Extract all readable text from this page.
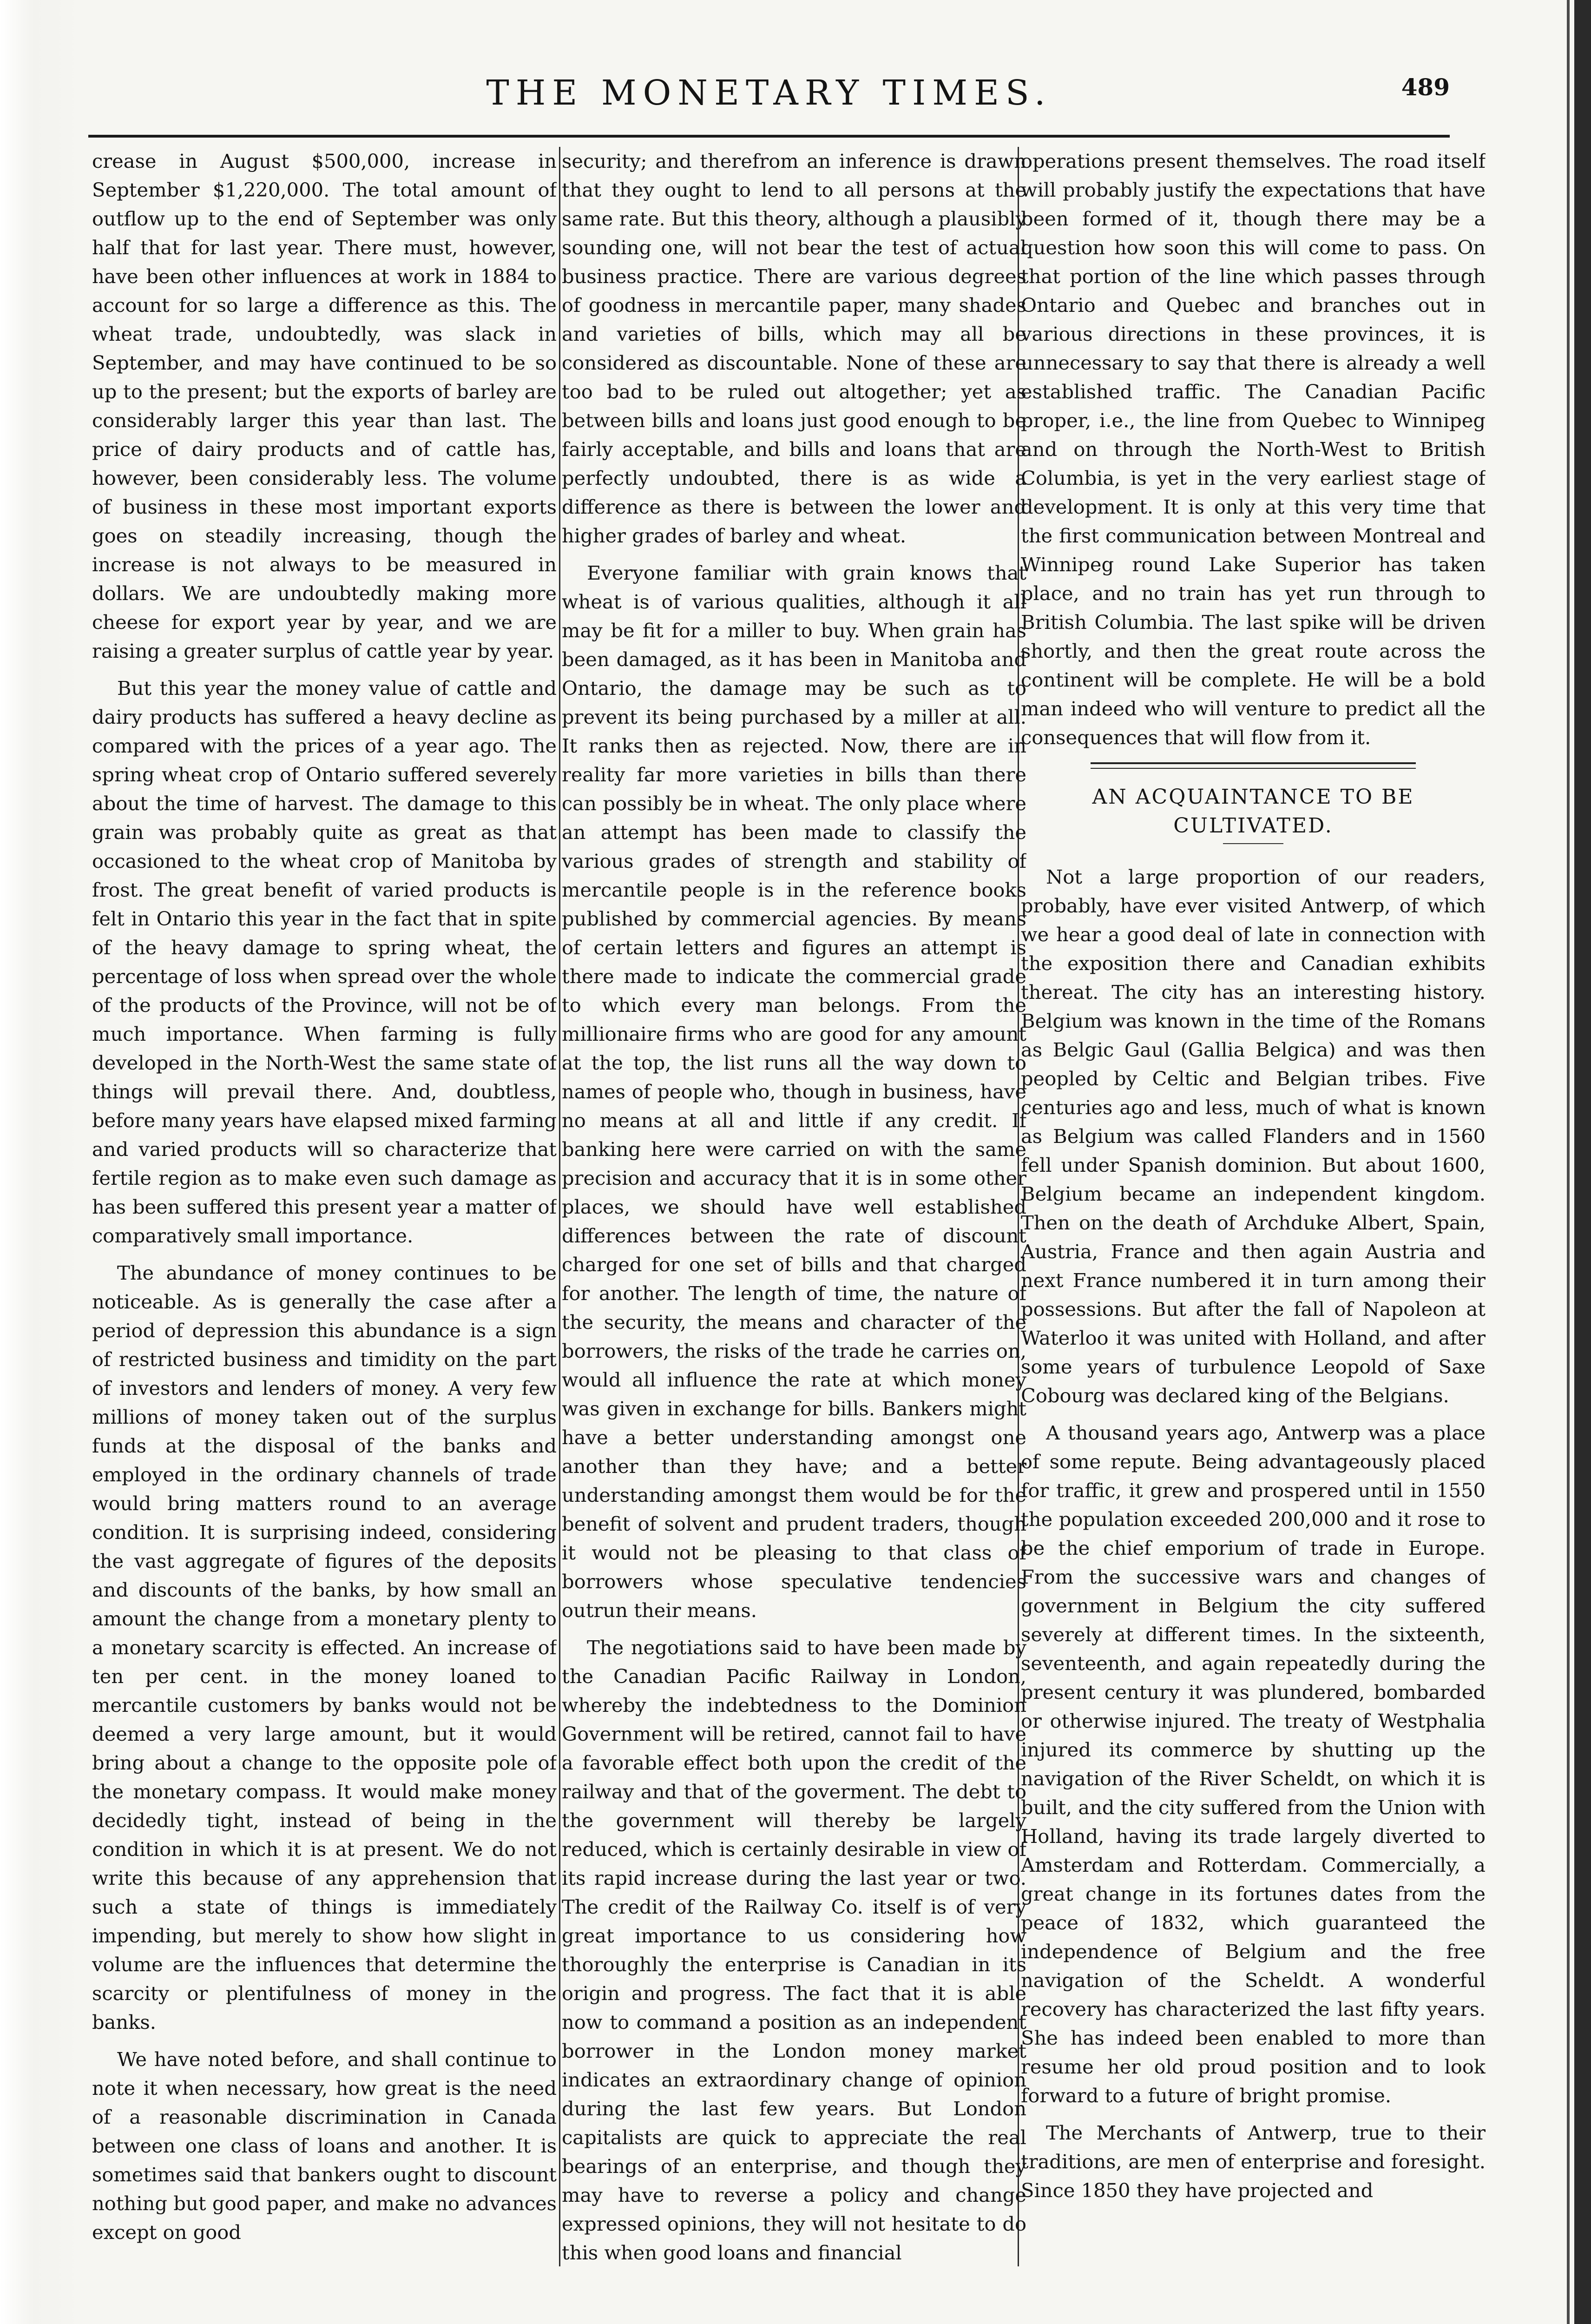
THE MONETARY TIMES.	489

crease in August $500,000, increase in September $1,220,000. The total amount of outflow up to the end of September was only half that for last year. There must, however, have been other influences at work in 1884 to account for so large a difference as this. The wheat trade, undoubtedly, was slack in September, and may have continued to be so up to the present; but the exports of barley are considerably larger this year than last. The price of dairy products and of cattle has, however, been considerably less. The volume of business in these most important exports goes on steadily increasing, though the increase is not always to be measured in dollars. We are undoubtedly making more cheese for export year by year, and we are raising a greater surplus of cattle year by year.

But this year the money value of cattle and dairy products has suffered a heavy decline as compared with the prices of a year ago. The spring wheat crop of Ontario suffered severely about the time of harvest. The damage to this grain was probably quite as great as that occasioned to the wheat crop of Manitoba by frost. The great benefit of varied products is felt in Ontario this year in the fact that in spite of the heavy damage to spring wheat, the percentage of loss when spread over the whole of the products of the Province, will not be of much importance. When farming is fully developed in the North-West the same state of things will prevail there. And, doubtless, before many years have elapsed mixed farming and varied products will so characterize that fertile region as to make even such damage as has been suffered this present year a matter of comparatively small importance.

The abundance of money continues to be noticeable. As is generally the case after a period of depression this abundance is a sign of restricted business and timidity on the part of investors and lenders of money. A very few millions of money taken out of the surplus funds at the disposal of the banks and employed in the ordinary channels of trade would bring matters round to an average condition. It is surprising indeed, considering the vast aggregate of figures of the deposits and discounts of the banks, by how small an amount the change from a monetary plenty to a monetary scarcity is effected. An increase of ten per cent. in the money loaned to mercantile customers by banks would not be deemed a very large amount, but it would bring about a change to the opposite pole of the monetary compass. It would make money decidedly tight, instead of being in the condition in which it is at present. We do not write this because of any apprehension that such a state of things is immediately impending, but merely to show how slight in volume are the influences that determine the scarcity or plentifulness of money in the banks.

We have noted before, and shall continue to note it when necessary, how great is the need of a reasonable discrimination in Canada between one class of loans and another. It is sometimes said that bankers ought to discount nothing but good paper, and make no advances except on good

security; and therefrom an inference is drawn that they ought to lend to all persons at the same rate. But this theory, although a plausibly sounding one, will not bear the test of actual business practice. There are various degrees of goodness in mercantile paper, many shades and varieties of bills, which may all be considered as discountable. None of these are too bad to be ruled out altogether; yet as between bills and loans just good enough to be fairly acceptable, and bills and loans that are perfectly undoubted, there is as wide a difference as there is between the lower and higher grades of barley and wheat.

Everyone familiar with grain knows that wheat is of various qualities, although it all may be fit for a miller to buy. When grain has been damaged, as it has been in Manitoba and Ontario, the damage may be such as to prevent its being purchased by a miller at all. It ranks then as rejected. Now, there are in reality far more varieties in bills than there can possibly be in wheat. The only place where an attempt has been made to classify the various grades of strength and stability of mercantile people is in the reference books published by commercial agencies. By means of certain letters and figures an attempt is there made to indicate the commercial grade to which every man belongs. From the millionaire firms who are good for any amount at the top, the list runs all the way down to names of people who, though in business, have no means at all and little if any credit. If banking here were carried on with the same precision and accuracy that it is in some other places, we should have well established differences between the rate of discount charged for one set of bills and that charged for another. The length of time, the nature of the security, the means and character of the borrowers, the risks of the trade he carries on, would all influence the rate at which money was given in exchange for bills. Bankers might have a better understanding amongst one another than they have; and a better understanding amongst them would be for the benefit of solvent and prudent traders, though it would not be pleasing to that class of borrowers whose speculative tendencies outrun their means.

The negotiations said to have been made by the Canadian Pacific Railway in London, whereby the indebtedness to the Dominion Government will be retired, cannot fail to have a favorable effect both upon the credit of the railway and that of the goverment. The debt to the government will thereby be largely reduced, which is certainly desirable in view of its rapid increase during the last year or two. The credit of the Railway Co. itself is of very great importance to us considering how thoroughly the enterprise is Canadian in its origin and progress. The fact that it is able now to command a position as an independent borrower in the London money market indicates an extraordinary change of opinion during the last few years. But London capitalists are quick to appreciate the real bearings of an enterprise, and though they may have to reverse a policy and change expressed opinions, they will not hesitate to do this when good loans and financial

operations present themselves. The road itself will probably justify the expectations that have been formed of it, though there may be a question how soon this will come to pass. On that portion of the line which passes through Ontario and Quebec and branches out in various directions in these provinces, it is unnecessary to say that there is already a well established traffic. The Canadian Pacific proper, i.e., the line from Quebec to Winnipeg and on through the North-West to British Columbia, is yet in the very earliest stage of development. It is only at this very time that the first communication between Montreal and Winnipeg round Lake Superior has taken place, and no train has yet run through to British Columbia. The last spike will be driven shortly, and then the great route across the continent will be complete. He will be a bold man indeed who will venture to predict all the consequences that will flow from it.

AN ACQUAINTANCE TO BE CULTIVATED.

Not a large proportion of our readers, probably, have ever visited Antwerp, of which we hear a good deal of late in connection with the exposition there and Canadian exhibits thereat. The city has an interesting history. Belgium was known in the time of the Romans as Belgic Gaul (Gallia Belgica) and was then peopled by Celtic and Belgian tribes. Five centuries ago and less, much of what is known as Belgium was called Flanders and in 1560 fell under Spanish dominion. But about 1600, Belgium became an independent kingdom. Then on the death of Archduke Albert, Spain, Austria, France and then again Austria and next France numbered it in turn among their possessions. But after the fall of Napoleon at Waterloo it was united with Holland, and after some years of turbulence Leopold of Saxe Cobourg was declared king of the Belgians.

A thousand years ago, Antwerp was a place of some repute. Being advantageously placed for traffic, it grew and prospered until in 1550 the population exceeded 200,000 and it rose to be the chief emporium of trade in Europe. From the successive wars and changes of government in Belgium the city suffered severely at different times. In the sixteenth, seventeenth, and again repeatedly during the present century it was plundered, bombarded or otherwise injured. The treaty of Westphalia injured its commerce by shutting up the navigation of the River Scheldt, on which it is built, and the city suffered from the Union with Holland, having its trade largely diverted to Amsterdam and Rotterdam. Commercially, a great change in its fortunes dates from the peace of 1832, which guaranteed the independence of Belgium and the free navigation of the Scheldt. A wonderful recovery has characterized the last fifty years. She has indeed been enabled to more than resume her old proud position and to look forward to a future of bright promise.

The Merchants of Antwerp, true to their traditions, are men of enterprise and foresight. Since 1850 they have projected and
